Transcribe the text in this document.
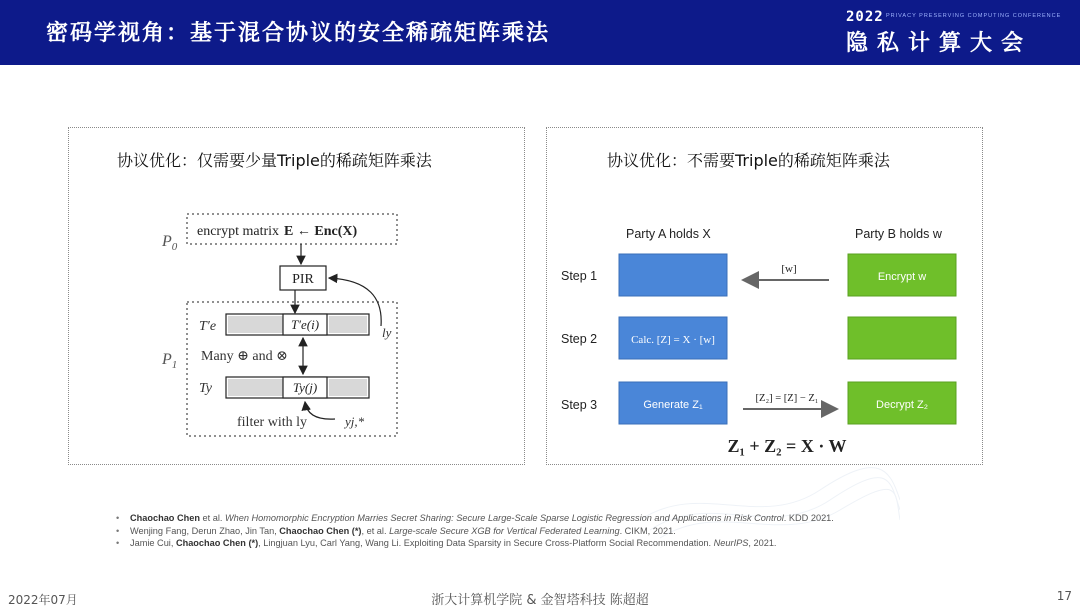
密码学视角：基于混合协议的安全稀疏矩阵乘法
2022 PRIVACY PRESERVING COMPUTING CONFERENCE
隐私计算大会
协议优化：仅需要少量Triple的稀疏矩阵乘法
$P_0$
encrypt matrix E ← Enc(X)
PIR
$P_1$
T′e	T′e(i)
ly
Many ⊕ and ⊗
Ty	Ty(j)
filter with ly	yj,*
协议优化：不需要Triple的稀疏矩阵乘法
Party A holds X	Party B holds w
Step 1	[w]
Encrypt w
Step 2	Calc. [Z] = X · [w]
Step 3	Generate Z₁
[Z₂] = [Z] − Z₁
Decrypt Z₂
Z₁ + Z₂ = X · W
• Chaochao Chen et al. When Homomorphic Encryption Marries Secret Sharing: Secure Large-Scale Sparse Logistic Regression and Applications in Risk Control. KDD 2021.
• Wenjing Fang, Derun Zhao, Jin Tan, Chaochao Chen (*), et al. Large-scale Secure XGB for Vertical Federated Learning. CIKM, 2021.
• Jamie Cui, Chaochao Chen (*), Lingjuan Lyu, Carl Yang, Wang Li. Exploiting Data Sparsity in Secure Cross-Platform Social Recommendation. NeurIPS, 2021.
2022年07月	浙大计算机学院 & 金智塔科技 陈超超	17
